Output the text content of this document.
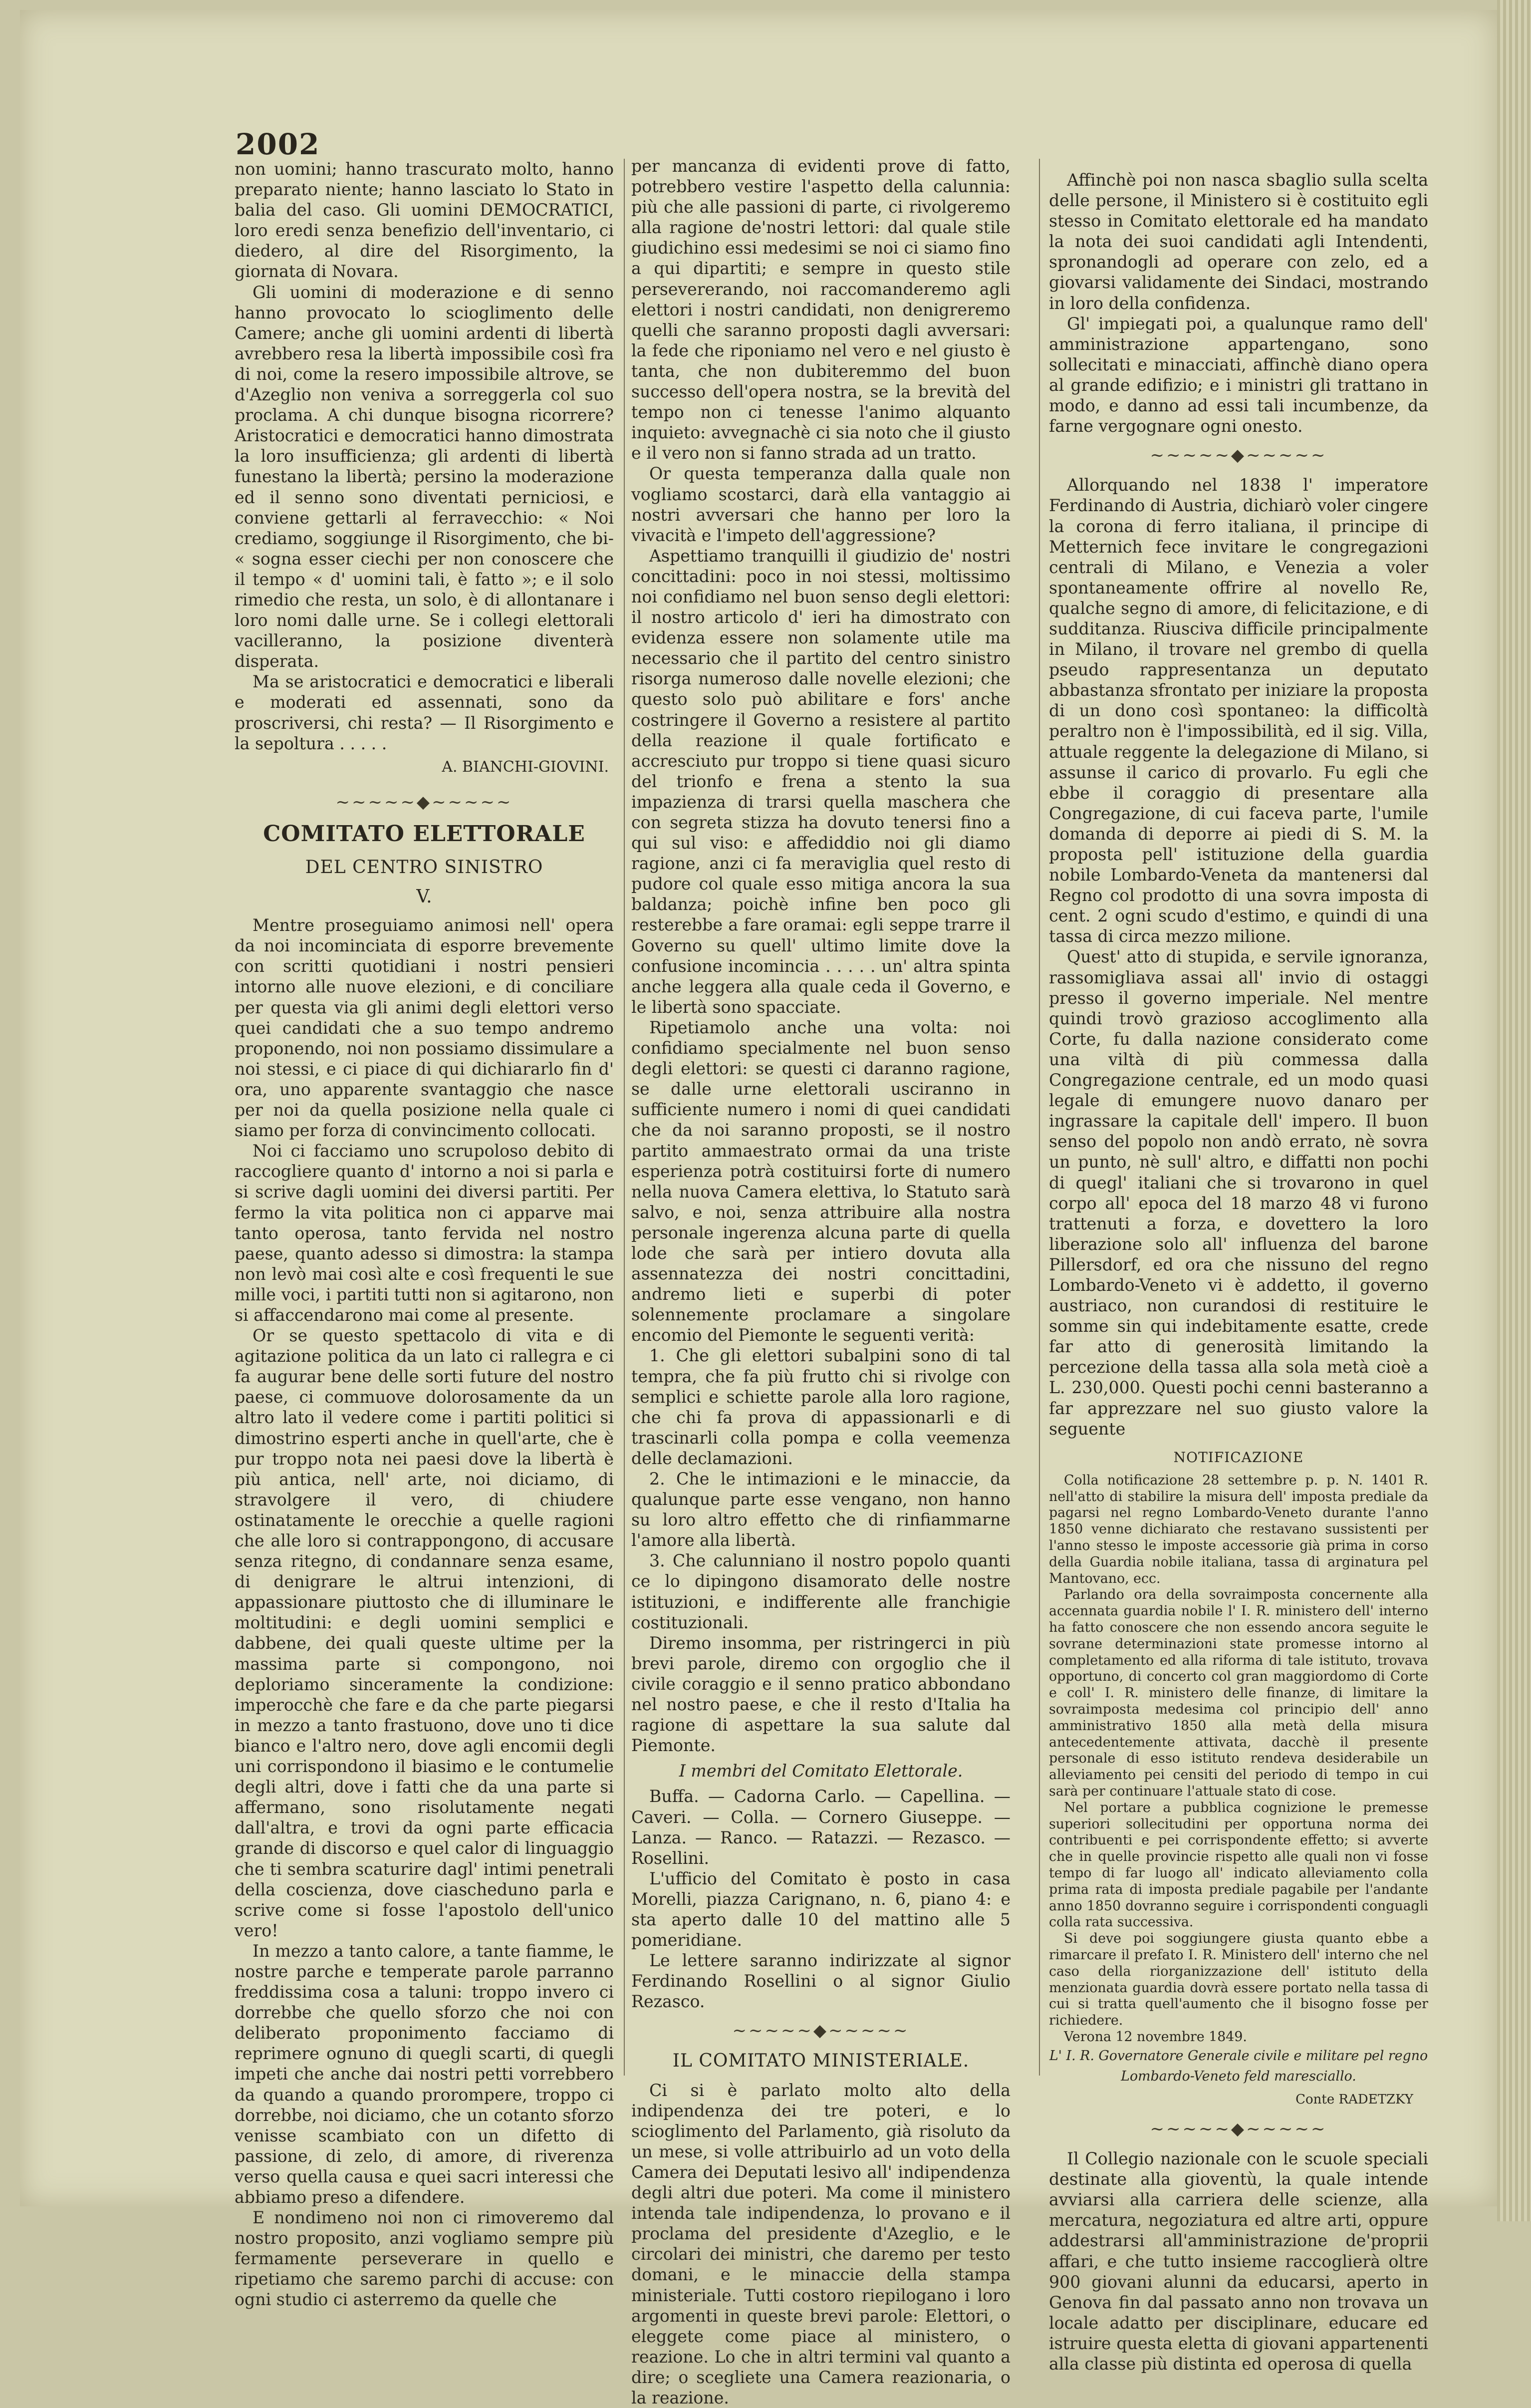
2002

non uomini; hanno trascurato molto, hanno preparato niente; hanno lasciato lo Stato in balia del caso. Gli uomini DEMOCRATICI, loro eredi senza benefizio dell'inventario, ci diedero, al dire del Risorgimento, la giornata di Novara.

Gli uomini di moderazione e di senno hanno provocato lo scioglimento delle Camere; anche gli uomini ardenti di libertà avrebbero resa la libertà impossibile così fra di noi, come la resero impossibile altrove, se d'Azeglio non veniva a sorreggerla col suo proclama. A chi dunque bisogna ricorrere? Aristocratici e democratici hanno dimostrata la loro insufficienza; gli ardenti di libertà funestano la libertà; persino la moderazione ed il senno sono diventati perniciosi, e conviene gettarli al ferravecchio: « Noi crediamo, soggiunge il Risorgimento, che bi- « sogna esser ciechi per non conoscere che il tempo « d' uomini tali, è fatto »; e il solo rimedio che resta, un solo, è di allontanare i loro nomi dalle urne. Se i collegi elettorali vacilleranno, la posizione diventerà disperata.

Ma se aristocratici e democratici e liberali e moderati ed assennati, sono da proscriversi, chi resta? — Il Risorgimento e la sepoltura . . . . .

A. BIANCHI-GIOVINI.
~~~~~◆~~~~~
COMITATO ELETTORALE
DEL CENTRO SINISTRO
V.

Mentre proseguiamo animosi nell' opera da noi incominciata di esporre brevemente con scritti quotidiani i nostri pensieri intorno alle nuove elezioni, e di conciliare per questa via gli animi degli elettori verso quei candidati che a suo tempo andremo proponendo, noi non possiamo dissimulare a noi stessi, e ci piace di qui dichiararlo fin d' ora, uno apparente svantaggio che nasce per noi da quella posizione nella quale ci siamo per forza di convincimento collocati.

Noi ci facciamo uno scrupoloso debito di raccogliere quanto d' intorno a noi si parla e si scrive dagli uomini dei diversi partiti. Per fermo la vita politica non ci apparve mai tanto operosa, tanto fervida nel nostro paese, quanto adesso si dimostra: la stampa non levò mai così alte e così frequenti le sue mille voci, i partiti tutti non si agitarono, non si affaccendarono mai come al presente.

Or se questo spettacolo di vita e di agitazione politica da un lato ci rallegra e ci fa augurar bene delle sorti future del nostro paese, ci commuove dolorosamente da un altro lato il vedere come i partiti politici si dimostrino esperti anche in quell'arte, che è pur troppo nota nei paesi dove la libertà è più antica, nell' arte, noi diciamo, di stravolgere il vero, di chiudere ostinatamente le orecchie a quelle ragioni che alle loro si contrappongono, di accusare senza ritegno, di condannare senza esame, di denigrare le altrui intenzioni, di appassionare piuttosto che di illuminare le moltitudini: e degli uomini semplici e dabbene, dei quali queste ultime per la massima parte si compongono, noi deploriamo sinceramente la condizione: imperocchè che fare e da che parte piegarsi in mezzo a tanto frastuono, dove uno ti dice bianco e l'altro nero, dove agli encomii degli uni corrispondono il biasimo e le contumelie degli altri, dove i fatti che da una parte si affermano, sono risolutamente negati dall'altra, e trovi da ogni parte efficacia grande di discorso e quel calor di linguaggio che ti sembra scaturire dagl' intimi penetrali della coscienza, dove ciascheduno parla e scrive come si fosse l'apostolo dell'unico vero!

In mezzo a tanto calore, a tante fiamme, le nostre parche e temperate parole parranno freddissima cosa a taluni: troppo invero ci dorrebbe che quello sforzo che noi con deliberato proponimento facciamo di reprimere ognuno di quegli scarti, di quegli impeti che anche dai nostri petti vorrebbero da quando a quando prorompere, troppo ci dorrebbe, noi diciamo, che un cotanto sforzo venisse scambiato con un difetto di passione, di zelo, di amore, di riverenza verso quella causa e quei sacri interessi che abbiamo preso a difendere.

E nondimeno noi non ci rimoveremo dal nostro proposito, anzi vogliamo sempre più fermamente perseverare in quello e ripetiamo che saremo parchi di accuse: con ogni studio ci asterremo da quelle che

per mancanza di evidenti prove di fatto, potrebbero vestire l'aspetto della calunnia: più che alle passioni di parte, ci rivolgeremo alla ragione de'nostri lettori: dal quale stile giudichino essi medesimi se noi ci siamo fino a qui dipartiti; e sempre in questo stile persevererando, noi raccomanderemo agli elettori i nostri candidati, non denigreremo quelli che saranno proposti dagli avversari: la fede che riponiamo nel vero e nel giusto è tanta, che non dubiteremmo del buon successo dell'opera nostra, se la brevità del tempo non ci tenesse l'animo alquanto inquieto: avvegnachè ci sia noto che il giusto e il vero non si fanno strada ad un tratto.

Or questa temperanza dalla quale non vogliamo scostarci, darà ella vantaggio ai nostri avversari che hanno per loro la vivacità e l'impeto dell'aggressione?

Aspettiamo tranquilli il giudizio de' nostri concittadini: poco in noi stessi, moltissimo noi confidiamo nel buon senso degli elettori: il nostro articolo d' ieri ha dimostrato con evidenza essere non solamente utile ma necessario che il partito del centro sinistro risorga numeroso dalle novelle elezioni; che questo solo può abilitare e fors' anche costringere il Governo a resistere al partito della reazione il quale fortificato e accresciuto pur troppo si tiene quasi sicuro del trionfo e frena a stento la sua impazienza di trarsi quella maschera che con segreta stizza ha dovuto tenersi fino a qui sul viso: e affediddio noi gli diamo ragione, anzi ci fa meraviglia quel resto di pudore col quale esso mitiga ancora la sua baldanza; poichè infine ben poco gli resterebbe a fare oramai: egli seppe trarre il Governo su quell' ultimo limite dove la confusione incomincia . . . . . un' altra spinta anche leggera alla quale ceda il Governo, e le libertà sono spacciate.

Ripetiamolo anche una volta: noi confidiamo specialmente nel buon senso degli elettori: se questi ci daranno ragione, se dalle urne elettorali usciranno in sufficiente numero i nomi di quei candidati che da noi saranno proposti, se il nostro partito ammaestrato ormai da una triste esperienza potrà costituirsi forte di numero nella nuova Camera elettiva, lo Statuto sarà salvo, e noi, senza attribuire alla nostra personale ingerenza alcuna parte di quella lode che sarà per intiero dovuta alla assennatezza dei nostri concittadini, andremo lieti e superbi di poter solennemente proclamare a singolare encomio del Piemonte le seguenti verità:

1. Che gli elettori subalpini sono di tal tempra, che fa più frutto chi si rivolge con semplici e schiette parole alla loro ragione, che chi fa prova di appassionarli e di trascinarli colla pompa e colla veemenza delle declamazioni.

2. Che le intimazioni e le minaccie, da qualunque parte esse vengano, non hanno su loro altro effetto che di rinfiammarne l'amore alla libertà.

3. Che calunniano il nostro popolo quanti ce lo dipingono disamorato delle nostre istituzioni, e indifferente alle franchigie costituzionali.

Diremo insomma, per ristringerci in più brevi parole, diremo con orgoglio che il civile coraggio e il senno pratico abbondano nel nostro paese, e che il resto d'Italia ha ragione di aspettare la sua salute dal Piemonte.

I membri del Comitato Elettorale.

Buffa. — Cadorna Carlo. — Capellina. — Caveri. — Colla. — Cornero Giuseppe. — Lanza. — Ranco. — Ratazzi. — Rezasco. — Rosellini.

L'ufficio del Comitato è posto in casa Morelli, piazza Carignano, n. 6, piano 4: e sta aperto dalle 10 del mattino alle 5 pomeridiane.

Le lettere saranno indirizzate al signor Ferdinando Rosellini o al signor Giulio Rezasco.

~~~~~◆~~~~~
IL COMITATO MINISTERIALE.

Ci si è parlato molto alto della indipendenza dei tre poteri, e lo scioglimento del Parlamento, già risoluto da un mese, si volle attribuirlo ad un voto della Camera dei Deputati lesivo all' indipendenza degli altri due poteri. Ma come il ministero intenda tale indipendenza, lo provano e il proclama del presidente d'Azeglio, e le circolari dei ministri, che daremo per testo domani, e le minaccie della stampa ministeriale. Tutti costoro riepilogano i loro argomenti in queste brevi parole: Elettori, o eleggete come piace al ministero, o reazione. Lo che in altri termini val quanto a dire; o scegliete una Camera reazionaria, o la reazione.

Affinchè poi non nasca sbaglio sulla scelta delle persone, il Ministero si è costituito egli stesso in Comitato elettorale ed ha mandato la nota dei suoi candidati agli Intendenti, spronandogli ad operare con zelo, ed a giovarsi validamente dei Sindaci, mostrando in loro della confidenza.

Gl' impiegati poi, a qualunque ramo dell' amministrazione appartengano, sono sollecitati e minacciati, affinchè diano opera al grande edifizio; e i ministri gli trattano in modo, e danno ad essi tali incumbenze, da farne vergognare ogni onesto.

~~~~~◆~~~~~

Allorquando nel 1838 l' imperatore Ferdinando di Austria, dichiarò voler cingere la corona di ferro italiana, il principe di Metternich fece invitare le congregazioni centrali di Milano, e Venezia a voler spontaneamente offrire al novello Re, qualche segno di amore, di felicitazione, e di sudditanza. Riusciva difficile principalmente in Milano, il trovare nel grembo di quella pseudo rappresentanza un deputato abbastanza sfrontato per iniziare la proposta di un dono così spontaneo: la difficoltà peraltro non è l'impossibilità, ed il sig. Villa, attuale reggente la delegazione di Milano, si assunse il carico di provarlo. Fu egli che ebbe il coraggio di presentare alla Congregazione, di cui faceva parte, l'umile domanda di deporre ai piedi di S. M. la proposta pell' istituzione della guardia nobile Lombardo-Veneta da mantenersi dal Regno col prodotto di una sovra imposta di cent. 2 ogni scudo d'estimo, e quindi di una tassa di circa mezzo milione.

Quest' atto di stupida, e servile ignoranza, rassomigliava assai all' invio di ostaggi presso il governo imperiale. Nel mentre quindi trovò grazioso accoglimento alla Corte, fu dalla nazione considerato come una viltà di più commessa dalla Congregazione centrale, ed un modo quasi legale di emungere nuovo danaro per ingrassare la capitale dell' impero. Il buon senso del popolo non andò errato, nè sovra un punto, nè sull' altro, e diffatti non pochi di quegl' italiani che si trovarono in quel corpo all' epoca del 18 marzo 48 vi furono trattenuti a forza, e dovettero la loro liberazione solo all' influenza del barone Pillersdorf, ed ora che nissuno del regno Lombardo-Veneto vi è addetto, il governo austriaco, non curandosi di restituire le somme sin qui indebitamente esatte, crede far atto di generosità limitando la percezione della tassa alla sola metà cioè a L. 230,000. Questi pochi cenni basteranno a far apprezzare nel suo giusto valore la seguente

NOTIFICAZIONE

Colla notificazione 28 settembre p. p. N. 1401 R. nell'atto di stabilire la misura dell' imposta prediale da pagarsi nel regno Lombardo-Veneto durante l'anno 1850 venne dichiarato che restavano sussistenti per l'anno stesso le imposte accessorie già prima in corso della Guardia nobile italiana, tassa di arginatura pel Mantovano, ecc.

Parlando ora della sovraimposta concernente alla accennata guardia nobile l' I. R. ministero dell' interno ha fatto conoscere che non essendo ancora seguite le sovrane determinazioni state promesse intorno al completamento ed alla riforma di tale istituto, trovava opportuno, di concerto col gran maggiordomo di Corte e coll' I. R. ministero delle finanze, di limitare la sovraimposta medesima col principio dell' anno amministrativo 1850 alla metà della misura antecedentemente attivata, dacchè il presente personale di esso istituto rendeva desiderabile un alleviamento pei censiti del periodo di tempo in cui sarà per continuare l'attuale stato di cose.

Nel portare a pubblica cognizione le premesse superiori sollecitudini per opportuna norma dei contribuenti e pei corrispondente effetto; si avverte che in quelle provincie rispetto alle quali non vi fosse tempo di far luogo all' indicato alleviamento colla prima rata di imposta prediale pagabile per l'andante anno 1850 dovranno seguire i corrispondenti conguagli colla rata successiva.

Si deve poi soggiungere giusta quanto ebbe a rimarcare il prefato I. R. Ministero dell' interno che nel caso della riorganizzazione dell' istituto della menzionata guardia dovrà essere portato nella tassa di cui si tratta quell'aumento che il bisogno fosse per richiedere.

Verona 12 novembre 1849.

L' I. R. Governatore Generale civile e militare pel regno Lombardo-Veneto feld maresciallo.
Conte RADETZKY
~~~~~◆~~~~~

Il Collegio nazionale con le scuole speciali destinate alla gioventù, la quale intende avviarsi alla carriera delle scienze, alla mercatura, negoziatura ed altre arti, oppure addestrarsi all'amministrazione de'proprii affari, e che tutto insieme raccoglierà oltre 900 giovani alunni da educarsi, aperto in Genova fin dal passato anno non trovava un locale adatto per disciplinare, educare ed istruire questa eletta di giovani appartenenti alla classe più distinta ed operosa di quella
